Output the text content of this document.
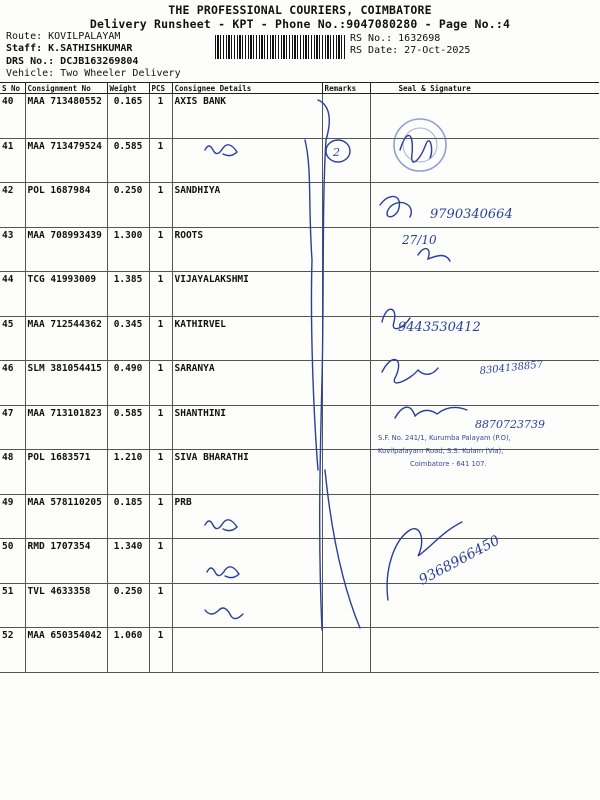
THE PROFESSIONAL COURIERS, COIMBATORE
Delivery Runsheet - KPT - Phone No.:9047080280 - Page No.:4
Route: KOVILPALAYAM
Staff: K.SATHISHKUMAR
DRS No.: DCJB163269804
Vehicle: Two Wheeler Delivery
RS No.: 1632698
RS Date: 27-Oct-2025
S No	Consignment No	Weight	PCS	Consignee Details	Remarks	Seal & Signature
40	MAA 713480552	0.165	1	AXIS BANK		
41	MAA 713479524	0.585	1			
42	POL 1687984	0.250	1	SANDHIYA		
43	MAA 708993439	1.300	1	ROOTS		
44	TCG 41993009	1.385	1	VIJAYALAKSHMI		
45	MAA 712544362	0.345	1	KATHIRVEL		
46	SLM 381054415	0.490	1	SARANYA		
47	MAA 713101823	0.585	1	SHANTHINI		
48	POL 1683571	1.210	1	SIVA BHARATHI		
49	MAA 578110205	0.185	1	PRB		
50	RMD 1707354	1.340	1			
51	TVL 4633358	0.250	1			
52	MAA 650354042	1.060	1			
S.F. No. 241/1, Kurumba Palayam (P.O),
Kovilpalayam Road, S.S. Kulam (Via),
Coimbatore - 641 107.
9790340664
27/10
9443530412
8304138857
8870723739
9368966450
2
